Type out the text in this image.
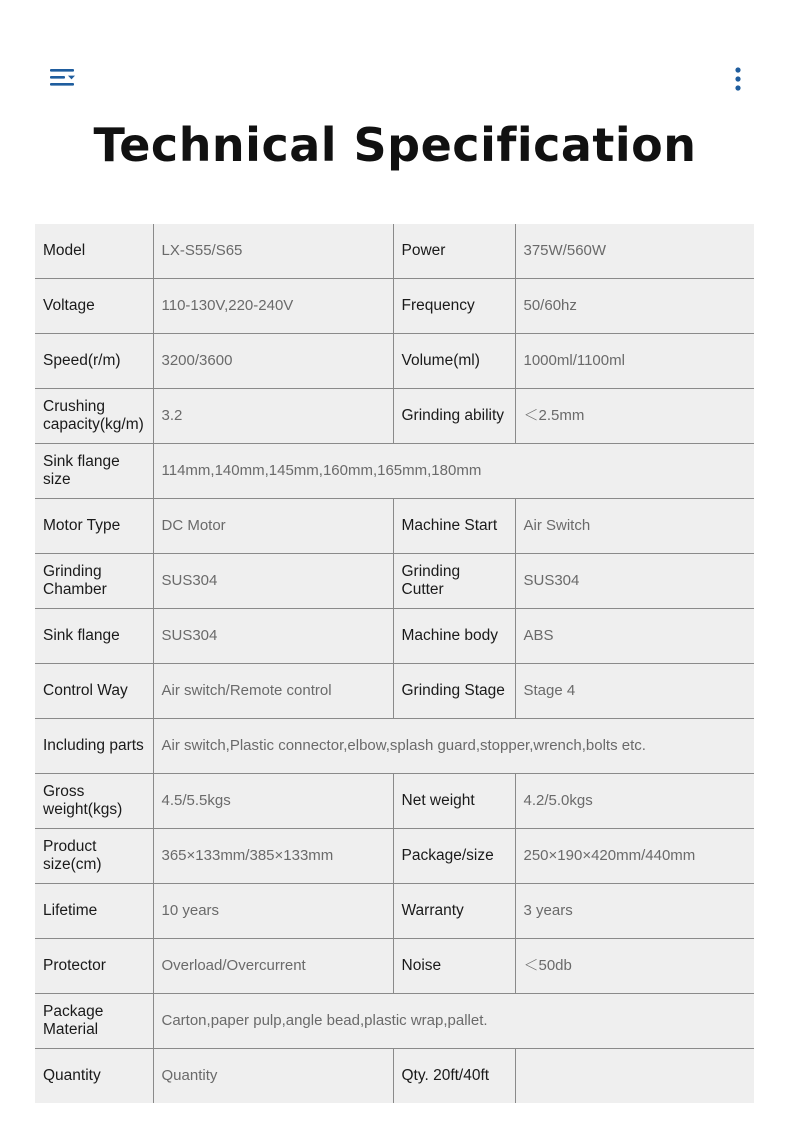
Technical Specification
Model	LX-S55/S65	Power	375W/560W
Voltage	110-130V,220-240V	Frequency	50/60hz
Speed(r/m)	3200/3600	Volume(ml)	1000ml/1100ml
Crushing capacity(kg/m)	3.2	Grinding ability	＜2.5mm
Sink flange size	114mm,140mm,145mm,160mm,165mm,180mm		
Motor Type	DC Motor	Machine Start	Air Switch
Grinding Chamber	SUS304	Grinding Cutter	SUS304
Sink flange	SUS304	Machine body	ABS
Control Way	Air switch/Remote control	Grinding Stage	Stage 4
Including parts	Air switch,Plastic connector,elbow,splash guard,stopper,wrench,bolts etc.		
Gross weight(kgs)	4.5/5.5kgs	Net weight	4.2/5.0kgs
Product size(cm)	365×133mm/385×133mm	Package/size	250×190×420mm/440mm
Lifetime	10 years	Warranty	3 years
Protector	Overload/Overcurrent	Noise	＜50db
Package Material	Carton,paper pulp,angle bead,plastic wrap,pallet.		
Quantity	Quantity	Qty. 20ft/40ft	
